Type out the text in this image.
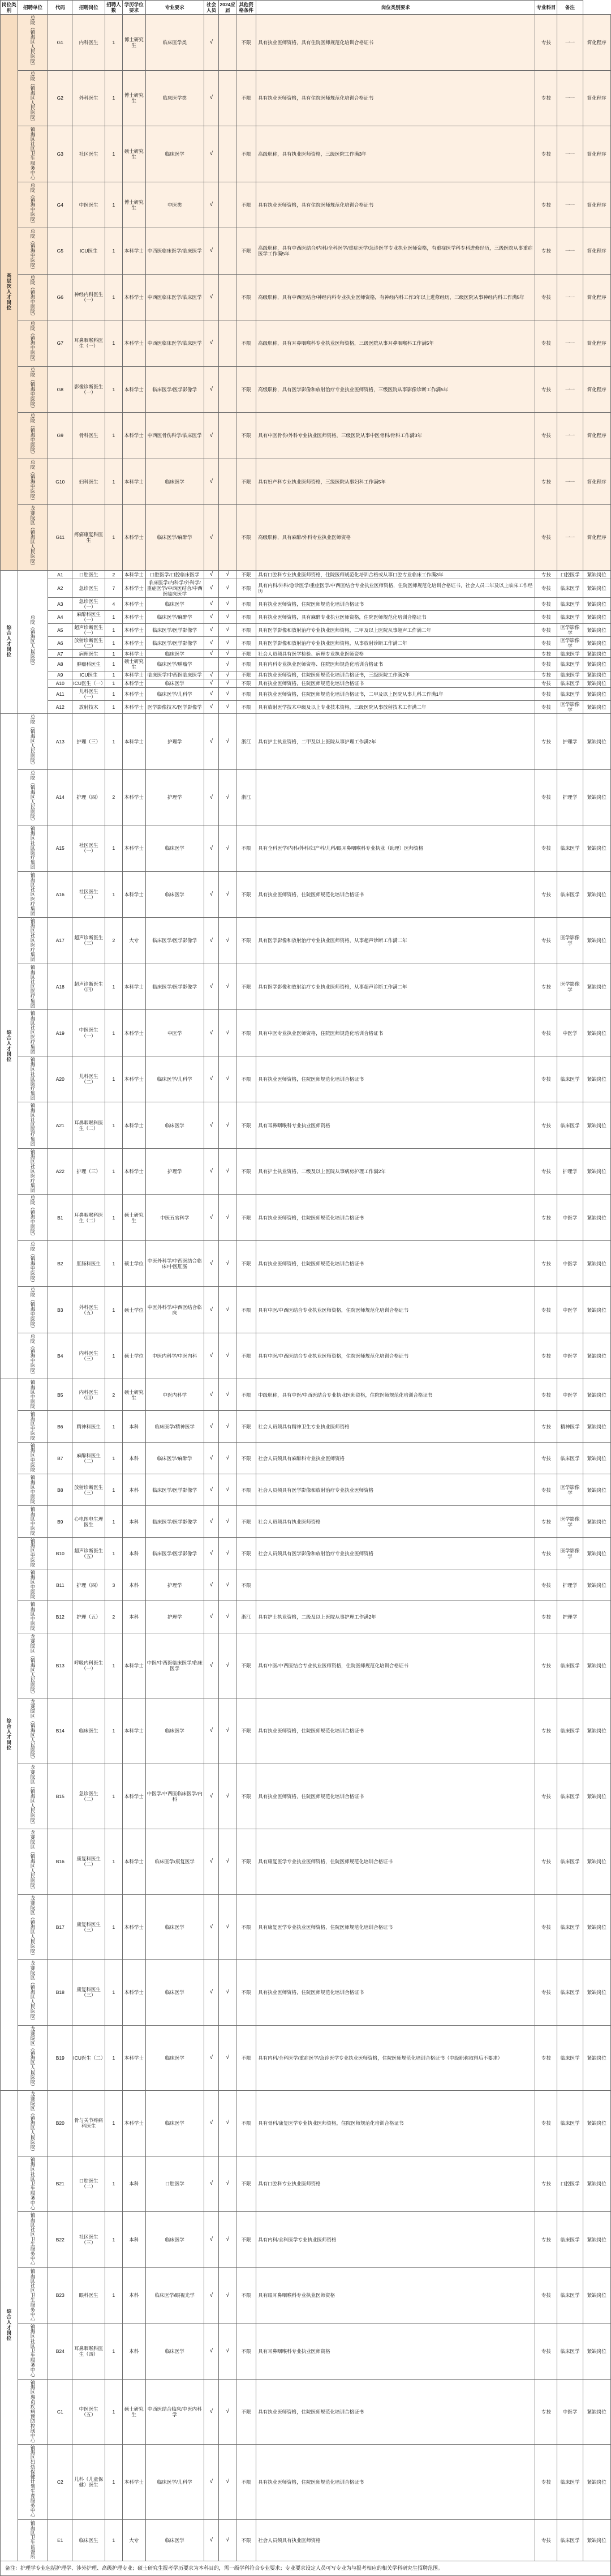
岗位类别	招聘单位	代码	招聘岗位	招聘人数	学历学位要求	专业要求	社会人员	2024应届	其他资格条件	岗位类别要求	专业科目	备注	
高层次人才岗位	总院（镇海区人民医院）	G1	内科医生	1	博士研究生	临床医学类	√		不限	具有执业医师资格，具有住院医师规范化培训合格证书	专技	一一	简化程序
	总院（镇海区人民医院）	G2	外科医生	1	博士研究生	临床医学类	√		不限	具有执业医师资格，具有住院医师规范化培训合格证书	专技	一一	简化程序
	镇海区社区卫生服务中心	G3	社区医生	1	硕士研究生	临床医学	√		不限	高级职称，具有执业医师资格，三级医院工作满3年	专技	一一	简化程序
	总院（镇海中医院）	G4	中医医生	1	博士研究生	中医类	√		不限	具有执业医师资格，具有住院医师规范化培训合格证书	专技	一一	简化程序
	总院（镇海中医院）	G5	ICU医生	1	本科学士	中西医临床医学/临床医学	√		不限	高级职称，具有中西医结合/内科/全科医学/重症医学/急诊医学专业执业医师资格，有重症医学科专科进修经历，三级医院从事重症医学工作满5年	专技	一一	简化程序
	总院（镇海中医院）	G6	神经内科医生（一）	1	本科学士	中西医临床医学/临床医学	√		不限	高级职称，具有中西医结合/神经内科专业执业医师资格，有神经内科工作3年以上进修经历，三级医院从事神经内科工作满5年	专技	一一	简化程序
	总院（镇海中医院）	G7	耳鼻咽喉科医生（一）	1	本科学士	中西医临床医学/临床医学	√		不限	高级职称，具有耳鼻咽喉科专业执业医师资格，三级医院从事耳鼻咽喉科工作满5年	专技	一一	简化程序
	总院（镇海中医院）	G8	影像诊断医生（一）	1	本科学士	临床医学/医学影像学	√		不限	高级职称，具有医学影像和放射治疗专业执业医师资格，三级医院从事影像诊断工作满5年	专技	一一	简化程序
	总院（镇海中医院）	G9	骨科医生	1	本科学士	中西医骨伤科学/临床医学	√		不限	具有中医骨伤/外科专业执业医师资格，三级医院从事中医骨科/骨科工作满3年	专技	一一	简化程序
	总院（镇海中医院）	G10	妇科医生	1	本科学士	临床医学	√		不限	具有妇产科专业执业医师资格，三级医院从事妇科工作满5年	专技	一一	简化程序
	龙赛院区（镇海区人民医院）	G11	疼痛康复科医生	1	本科学士	临床医学/麻醉学	√		不限	高级职称，具有麻醉/外科专业执业医师资格	专技	一一	简化程序
综合人才岗位	总院（镇海区人民医院）	A1	口腔医生	2	本科学士	口腔医学/口腔临床医学	√	√	不限	具有口腔科专业执业医师资格，住院医师规范化培训合格或从事口腔专业临床工作满3年	专技	口腔医学	紧缺岗位
		A2	急诊医生	7	本科学士	临床医学/内科学/外科学/重症医学/中西医结合/中西医临床医学	√	√	不限	具有内科/外科/急诊医学/重症医学/中西医结合专业执业医师资格，住院医师规范化培训合格证书，社会人员二年及以上临床工作经历	专技	临床医学	紧缺岗位
		A3	急诊医生（一）	4	本科学士	临床医学	√	√	不限	具有执业医师资格，住院医师规范化培训合格证书	专技	临床医学	紧缺岗位
		A4	麻醉科医生（一）	1	本科学士	临床医学/麻醉学	√	√	不限	具有执业医师资格，具有麻醉专业执业医师资格，住院医师规范化培训合格证书	专技	临床医学	紧缺岗位
		A5	超声诊断医生（一）	1	本科学士	临床医学/医学影像学	√	√	不限	具有医学影像和放射治疗专业执业医师资格，二甲及以上医院从事超声工作满二年	专技	医学影像学	紧缺岗位
		A6	放射诊断医生（二）	1	本科学士	临床医学/医学影像学	√	√	不限	具有医学影像和放射治疗专业执业医师资格，从事放射诊断工作满二年	专技	医学影像学	紧缺岗位
		A7	病理医生	1	本科学士	临床医学	√	√	不限	社会人员须具有医学检验、病理专业执业医师资格	专技	临床医学	紧缺岗位
		A8	肿瘤科医生	1	硕士研究生	临床医学/肿瘤学		√	不限	具有内科专业执业医师资格、住院医师规范化培训合格证书	专技	临床医学	紧缺岗位
		A9	ICU医生	1	本科学士	临床医学/中西医临床医学	√	√	不限	具有执业医师资格，住院医师规范化培训合格证书，三级医院工作满2年	专技	临床医学	紧缺岗位
		A10	ICU医生（一）	1	本科学士	临床医学	√	√	不限	具有执业医师资格，住院医师规范化培训合格证书	专技	临床医学	紧缺岗位
		A11	儿科医生（一）	1	本科学士	临床医学/儿科学	√	√	不限	具有执业医师资格，住院医师规范化培训合格证书，二甲及以上医院从事儿科工作满1年	专技	临床医学	紧缺岗位
		A12	放射技术	1	本科学士	医学影像技术/医学影像学	√	√	不限	具有放射医学技术中级及以上专业技术资格，三级医院从事放射技术工作满二年	专技	医学影像学	紧缺岗位
综合人才岗位	总院（镇海区人民医院）	A13	护理（三）	1	本科学士	护理学	√	√	浙江	具有护士执业资格，二甲及以上医院从事护理工作满2年	专技	护理学	紧缺岗位
	总院（镇海区人民医院）	A14	护理（四）	2	本科学士	护理学	√	√	浙江		专技	护理学	紧缺岗位
	镇海区社区医疗集团	A15	社区医生（一）	1	本科学士	临床医学	√	√	不限	具有全科医学/内科/外科/妇产科/儿科/眼耳鼻咽喉科专业执业（助理）医师资格	专技	临床医学	紧缺岗位
	镇海区社区医疗集团	A16	社区医生（二）	1	本科学士	临床医学	√	√	不限	具有执业医师资格，住院医师规范化培训合格证书	专技	临床医学	紧缺岗位
	镇海区社区医疗集团	A17	超声诊断医生（三）	2	大专	临床医学/医学影像学	√	√	不限	具有医学影像和放射治疗专业执业医师资格，从事超声诊断工作满二年	专技	医学影像学	紧缺岗位
	镇海区社区医疗集团	A18	超声诊断医生（四）	1	本科学士	临床医学/医学影像学	√	√	不限	具有医学影像和放射治疗专业执业医师资格，从事超声诊断工作满二年	专技	医学影像学	紧缺岗位
	镇海区社区医疗集团	A19	中医医生（一）	1	本科学士	中医学	√	√	不限	具有中医专业执业医师资格，住院医师规范化培训合格证书	专技	中医学	紧缺岗位
	镇海区社区医疗集团	A20	儿科医生（二）	1	本科学士	临床医学/儿科学	√	√	不限	具有执业医师资格，住院医师规范化培训合格证书	专技	临床医学	紧缺岗位
	镇海区社区医疗集团	A21	耳鼻咽喉科医生（二）	1	本科学士	临床医学	√	√	不限	具有耳鼻咽喉科专业执业医师资格	专技	临床医学	紧缺岗位
	镇海区社区医疗集团	A22	护理（三）	1	本科学士	护理学	√	√	不限	具有护士执业资格，二级及以上医院从事病房护理工作满2年	专技	护理学	紧缺岗位
	总院（镇海中医院）	B1	耳鼻咽喉科医生（二）	1	硕士研究生	中医五官科学	√	√	不限	具有执业医师资格，住院医师规范化培训合格证书	专技	中医学	紧缺岗位
	总院（镇海中医院）	B2	肛肠科医生	1	硕士学位	中医外科学/中西医结合临床/中医肛肠	√	√	不限	具有执业医师资格，住院医师规范化培训合格证书	专技	中医学	紧缺岗位
	总院（镇海中医院）	B3	外科医生（五）	1	硕士学位	中医外科学/中西医结合临床	√	√	不限	具有中医/中西医结合专业执业医师资格，住院医师规范化培训合格证书	专技	中医学	紧缺岗位
	总院（镇海中医院）	B4	内科医生（三）	1	硕士学位	中医内科学/中医内科	√	√	不限	具有中医/中西医结合专业执业医师资格，住院医师规范化培训合格证书	专技	中医学	紧缺岗位
综合人才岗位	镇海区中医院	B5	内科医生（四）	2	硕士研究生	中医内科学	√	√	不限	中级职称，具有中医/中西医结合专业执业医师资格，住院医师规范化培训合格证书	专技	中医学	紧缺岗位
	镇海区中医院	B6	精神科医生	1	本科	临床医学/精神医学	√	√	不限	社会人员须具有精神卫生专业执业医师资格	专技	精神医学	紧缺岗位
	镇海区中医院	B7	麻醉科医生（二）	1	本科	临床医学/麻醉学	√	√	不限	社会人员须具有麻醉科专业执业医师资格	专技	临床医学	紧缺岗位
	镇海区中医院	B8	放射诊断医生（三）	1	本科	临床医学/医学影像学	√	√	不限	社会人员须具有医学影像和放射治疗专业执业医师资格	专技	医学影像学	紧缺岗位
	镇海区中医院	B9	心电图电生理医生	1	本科	临床医学/医学影像学	√	√	不限	社会人员须具有执业医师资格	专技	医学影像学	紧缺岗位
	镇海区中医院	B10	超声诊断医生（五）	1	本科	临床医学/医学影像学	√	√	不限	社会人员须具有医学影像和放射治疗专业执业医师资格	专技	医学影像学	紧缺岗位
	镇海区中医院	B11	护理（四）	3	本科	护理学	√	√	不限		专技	护理学	紧缺岗位
	镇海区中医院	B12	护理（五）	2	本科	护理学	√	√	浙江	具有护士执业资格，二级及以上医院从事护理工作满2年	专技	护理学	
	龙赛院区（镇海区人民医院）	B13	呼吸内科医生（一）	1	本科学士	中医/中西医临床医学/临床医学	√	√	不限	具有中医/中西医结合专业执业医师资格，住院医师规范化培训合格证书	专技	临床医学	紧缺岗位
	龙赛院区（镇海区人民医院）	B14	临床医生	1	本科学士	临床医学	√	√	不限	具有执业医师资格，住院医师规范化培训合格证书	专技	临床医学	紧缺岗位
	龙赛院区（镇海区人民医院）	B15	急诊医生（二）	1	本科学士	中医学/中西医临床医学/内科	√	√	不限	具有执业医师资格，住院医师规范化培训合格证书	专技	临床医学	紧缺岗位
	龙赛院区（镇海区人民医院）	B16	康复科医生（二）	1	本科学士	临床医学/康复医学	√	√	不限	具有康复医学专业执业医师资格，住院医师规范化培训合格证书	专技	临床医学	紧缺岗位
	龙赛院区（镇海区人民医院）	B17	康复科医生（三）	1	本科学士	临床医学	√	√	不限	具有康复医学专业执业医师资格，住院医师规范化培训合格证书	专技	临床医学	紧缺岗位
	龙赛院区（镇海区人民医院）	B18	康复科医生（三）	1	本科学士	临床医学	√	√	不限	具有执业医师资格，住院医师规范化培训合格证书	专技	临床医学	紧缺岗位
	龙赛院区（镇海区人民医院）	B19	ICU医生（二）	1	本科学士	临床医学	√	√	不限	具有内科/全科医学/重症医学/急诊医学专业执业医师资格，住院医师规范化培训合格证书（中级职称取得后不要求）	专技	临床医学	紧缺岗位
综合人才岗位	龙赛院区（镇海区人民医院）	B20	骨与关节疼痛科医生	1	本科学士	临床医学	√	√	不限	具有骨科/康复医学专业执业医师资格，住院医师规范化培训合格证书	专技	临床医学	紧缺岗位
	镇海区社区卫生服务中心	B21	口腔医生（二）	1	本科	口腔医学	√	√	不限	具有口腔科专业执业医师资格	专技	口腔医学	紧缺岗位
	镇海区社区卫生服务中心	B22	社区医生（三）	1	本科	临床医学	√	√	不限	具有内科/全科医学专业执业医师资格	专技	临床医学	紧缺岗位
	镇海区社区卫生服务中心	B23	眼科医生	1	本科	临床医学/眼视光学	√	√	不限	具有眼耳鼻咽喉科专业执业医师资格	专技	临床医学	紧缺岗位
	镇海区社区卫生服务中心	B24	耳鼻咽喉科医生（四）	1	本科	临床医学	√	√	不限	具有耳鼻咽喉科专业执业医师资格	专技	临床医学	紧缺岗位
	镇海区惠贞疾病预防控制中心	C1	中医医生（五）	1	硕士研究生	中西医结合临床/中医内科学	√	√	不限	具有执业医师资格，住院医师规范化培训合格证书	专技	中医学	紧缺岗位
	镇海区妇幼保健计划生育服务中心	C2	儿科（儿童保健）医生	1	本科学士	临床医学/儿科学	√	√	不限	具有执业医师资格，住院医师规范化培训合格证书	专技	临床医学	紧缺岗位
	镇海区卫生监督所	E1	临床医生	1	大专	临床医学	√	√	不限	社会人员须具有执业医师资格	专技	临床医学	紧缺岗位
备注：护理学专业包括护理学、涉外护理、高级护理专业；硕士研究生报考学历要求为本科目的，需一级学科符合专业要求；专业要求设定人员可写专业为与报考相应的相关学科研究生招聘范围。
